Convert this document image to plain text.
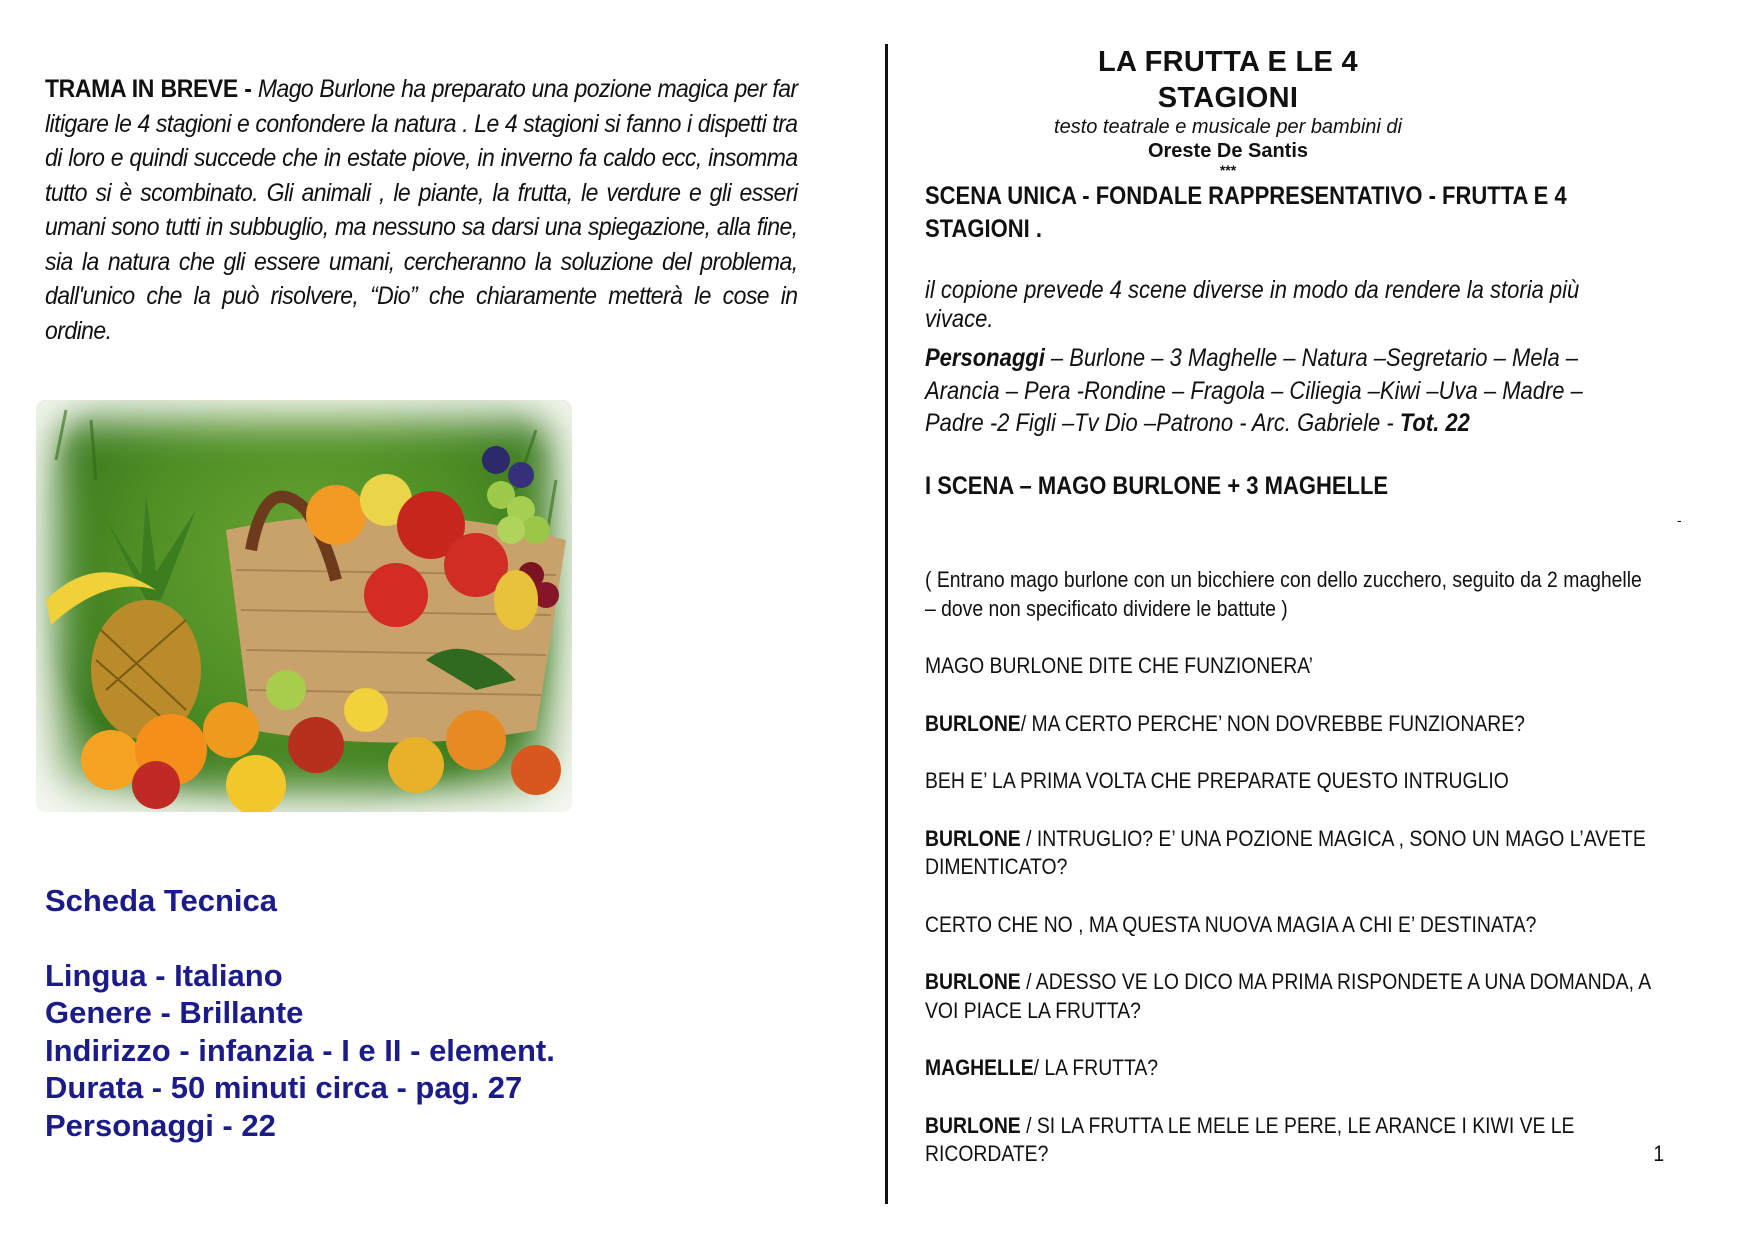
TRAMA IN BREVE - Mago Burlone ha preparato una pozione magica per far litigare le 4 stagioni e confondere la natura . Le 4 stagioni si fanno i dispetti tra di loro e quindi succede che in estate piove, in inverno fa caldo ecc, insomma tutto si è scombinato. Gli animali , le piante, la frutta, le verdure e gli esseri umani sono tutti in subbuglio, ma nessuno sa darsi una spiegazione, alla fine, sia la natura che gli essere umani, cercheranno la soluzione del problema, dall'unico che la può risolvere, “Dio” che chiaramente metterà le cose in ordine.
Scheda Tecnica
Lingua - Italiano
Genere - Brillante
Indirizzo - infanzia - I e II - element.
Durata - 50 minuti circa - pag. 27
Personaggi - 22
LA FRUTTA E LE 4 STAGIONI
testo teatrale e musicale per bambini di
Oreste De Santis
***
SCENA UNICA - FONDALE RAPPRESENTATIVO - FRUTTA E 4 STAGIONI .
il copione prevede 4 scene diverse in modo da rendere la storia più vivace.
Personaggi – Burlone – 3 Maghelle – Natura –Segretario – Mela –Arancia – Pera -Rondine – Fragola – Ciliegia –Kiwi –Uva – Madre –Padre -2 Figli –Tv Dio –Patrono - Arc. Gabriele - Tot. 22
I SCENA – MAGO BURLONE + 3 MAGHELLE
-

( Entrano mago burlone con un bicchiere con dello zucchero, seguito da 2 maghelle – dove non specificato dividere le battute )

MAGO BURLONE DITE CHE FUNZIONERA’

BURLONE/ MA CERTO PERCHE’ NON DOVREBBE FUNZIONARE?

BEH E’ LA PRIMA VOLTA CHE PREPARATE QUESTO INTRUGLIO

BURLONE / INTRUGLIO? E’ UNA POZIONE MAGICA , SONO UN MAGO L’AVETE DIMENTICATO?

CERTO CHE NO , MA QUESTA NUOVA MAGIA A CHI E’ DESTINATA?

BURLONE / ADESSO VE LO DICO MA PRIMA RISPONDETE A UNA DOMANDA, A VOI PIACE LA FRUTTA?

MAGHELLE/ LA FRUTTA?

BURLONE / SI LA FRUTTA LE MELE LE PERE, LE ARANCE I KIWI VE LE RICORDATE?	1
